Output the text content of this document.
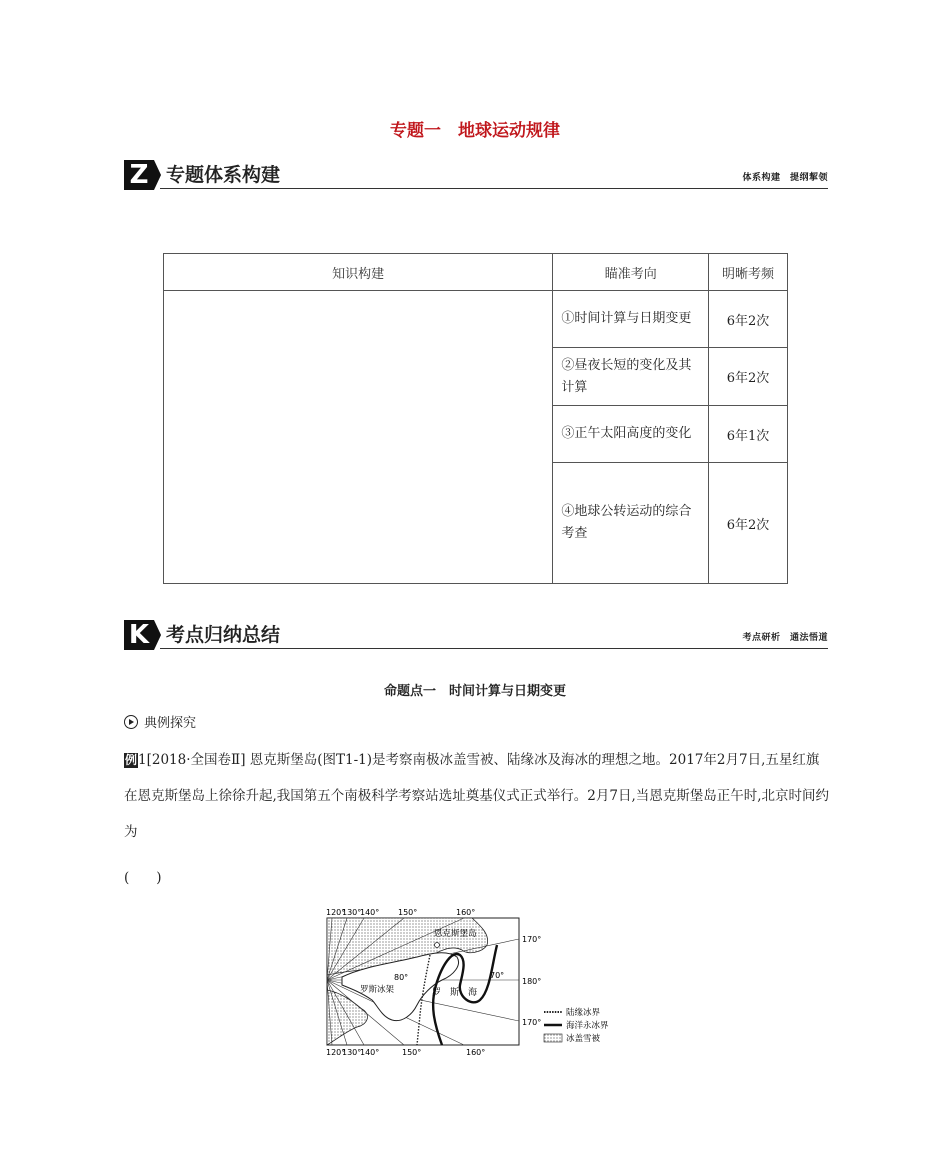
专题一　地球运动规律
Z 专题体系构建	体系构建　提纲挈领
知识构建	瞄准考向	明晰考频
	①时间计算与日期变更	6年2次
	②昼夜长短的变化及其计算	6年2次
	③正午太阳高度的变化	6年1次
	④地球公转运动的综合考查	6年2次
K 考点归纳总结	考点研析　通法悟道
命题点一　时间计算与日期变更
典例探究
例1[2018·全国卷Ⅱ] 恩克斯堡岛(图T1-1)是考察南极冰盖雪被、陆缘冰及海冰的理想之地。2017年2月7日,五星红旗在恩克斯堡岛上徐徐升起,我国第五个南极科学考察站选址奠基仪式正式举行。2月7日,当恩克斯堡岛正午时,北京时间约为
(　　)
120°
130°
140° 150°	160°
恩克斯堡岛
80°	70°
罗斯冰架	罗　斯　海
170°
180°
170°
120°
130°
140°	150°	160°
陆缘冰界
海洋永冰界
冰盖雪被
